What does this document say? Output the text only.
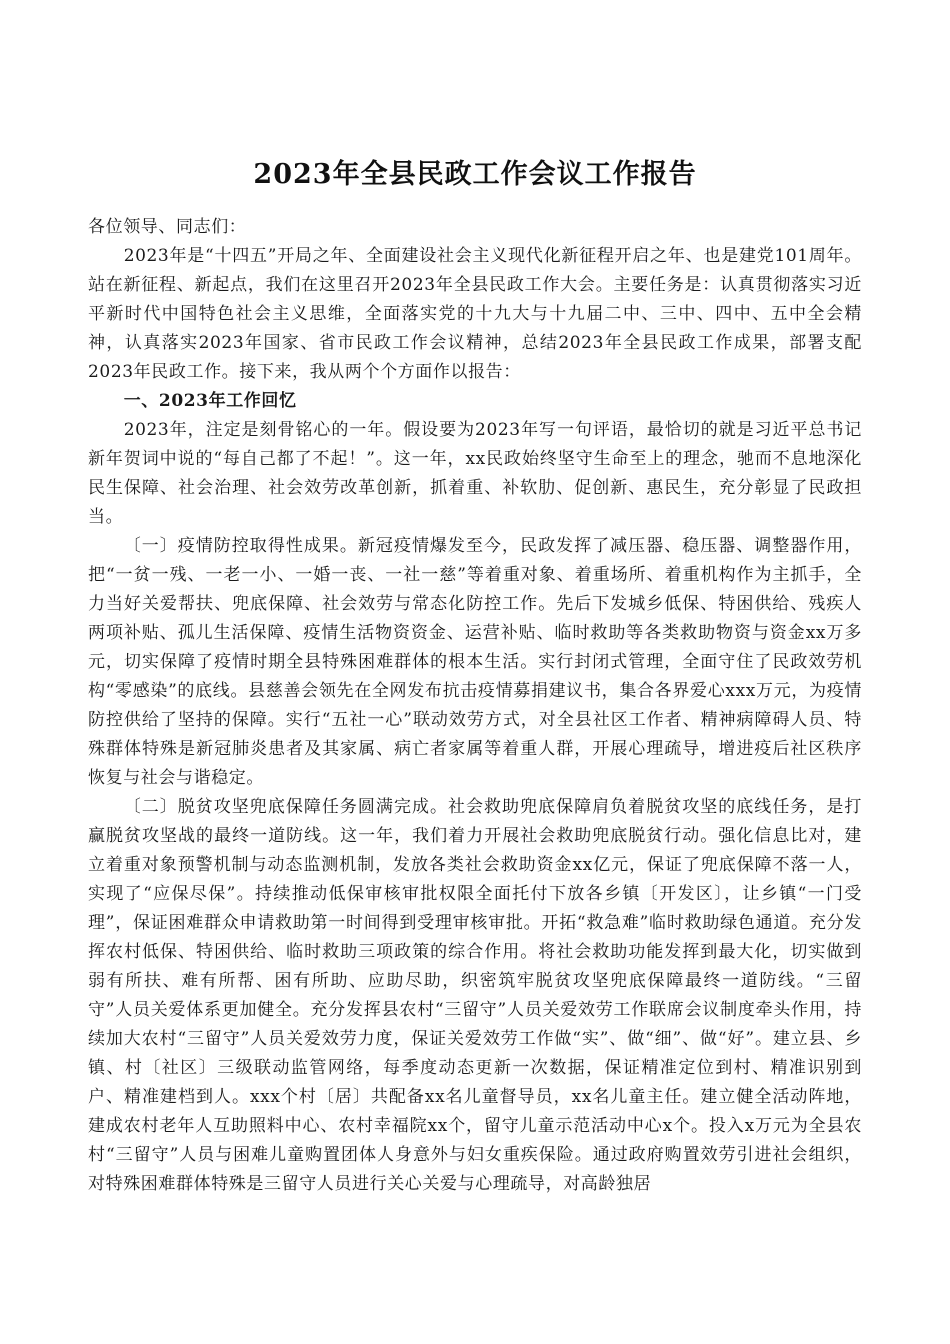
2023年全县民政工作会议工作报告

各位领导、同志们：

2023年是“十四五”开局之年、全面建设社会主义现代化新征程开启之年、也是建党101周年。站在新征程、新起点，我们在这里召开2023年全县民政工作大会。主要任务是：认真贯彻落实习近平新时代中国特色社会主义思维，全面落实党的十九大与十九届二中、三中、四中、五中全会精神，认真落实2023年国家、省市民政工作会议精神，总结2023年全县民政工作成果，部署支配2023年民政工作。接下来，我从两个个方面作以报告：

一、2023年工作回忆

2023年，注定是刻骨铭心的一年。假设要为2023年写一句评语，最恰切的就是习近平总书记新年贺词中说的“每自己都了不起！”。这一年，xx民政始终坚守生命至上的理念，驰而不息地深化民生保障、社会治理、社会效劳改革创新，抓着重、补软肋、促创新、惠民生，充分彰显了民政担当。

〔一〕疫情防控取得性成果。新冠疫情爆发至今，民政发挥了减压器、稳压器、调整器作用，把“一贫一残、一老一小、一婚一丧、一社一慈”等着重对象、着重场所、着重机构作为主抓手，全力当好关爱帮扶、兜底保障、社会效劳与常态化防控工作。先后下发城乡低保、特困供给、残疾人两项补贴、孤儿生活保障、疫情生活物资资金、运营补贴、临时救助等各类救助物资与资金xx万多元，切实保障了疫情时期全县特殊困难群体的根本生活。实行封闭式管理，全面守住了民政效劳机构“零感染”的底线。县慈善会领先在全网发布抗击疫情募捐建议书，集合各界爱心xxx万元，为疫情防控供给了坚持的保障。实行“五社一心”联动效劳方式，对全县社区工作者、精神病障碍人员、特殊群体特殊是新冠肺炎患者及其家属、病亡者家属等着重人群，开展心理疏导，增进疫后社区秩序恢复与社会与谐稳定。

〔二〕脱贫攻坚兜底保障任务圆满完成。社会救助兜底保障肩负着脱贫攻坚的底线任务，是打赢脱贫攻坚战的最终一道防线。这一年，我们着力开展社会救助兜底脱贫行动。强化信息比对，建立着重对象预警机制与动态监测机制，发放各类社会救助资金xx亿元，保证了兜底保障不落一人，实现了“应保尽保”。持续推动低保审核审批权限全面托付下放各乡镇〔开发区〕，让乡镇“一门受理”，保证困难群众申请救助第一时间得到受理审核审批。开拓“救急难”临时救助绿色通道。充分发挥农村低保、特困供给、临时救助三项政策的综合作用。将社会救助功能发挥到最大化，切实做到弱有所扶、难有所帮、困有所助、应助尽助，织密筑牢脱贫攻坚兜底保障最终一道防线。“三留守”人员关爱体系更加健全。充分发挥县农村“三留守”人员关爱效劳工作联席会议制度牵头作用，持续加大农村“三留守”人员关爱效劳力度，保证关爱效劳工作做“实”、做“细”、做“好”。建立县、乡镇、村〔社区〕三级联动监管网络，每季度动态更新一次数据，保证精准定位到村、精准识别到户、精准建档到人。xxx个村〔居〕共配备xx名儿童督导员，xx名儿童主任。建立健全活动阵地，建成农村老年人互助照料中心、农村幸福院xx个，留守儿童示范活动中心x个。投入x万元为全县农村“三留守”人员与困难儿童购置团体人身意外与妇女重疾保险。通过政府购置效劳引进社会组织，对特殊困难群体特殊是三留守人员进行关心关爱与心理疏导，对高龄独居
